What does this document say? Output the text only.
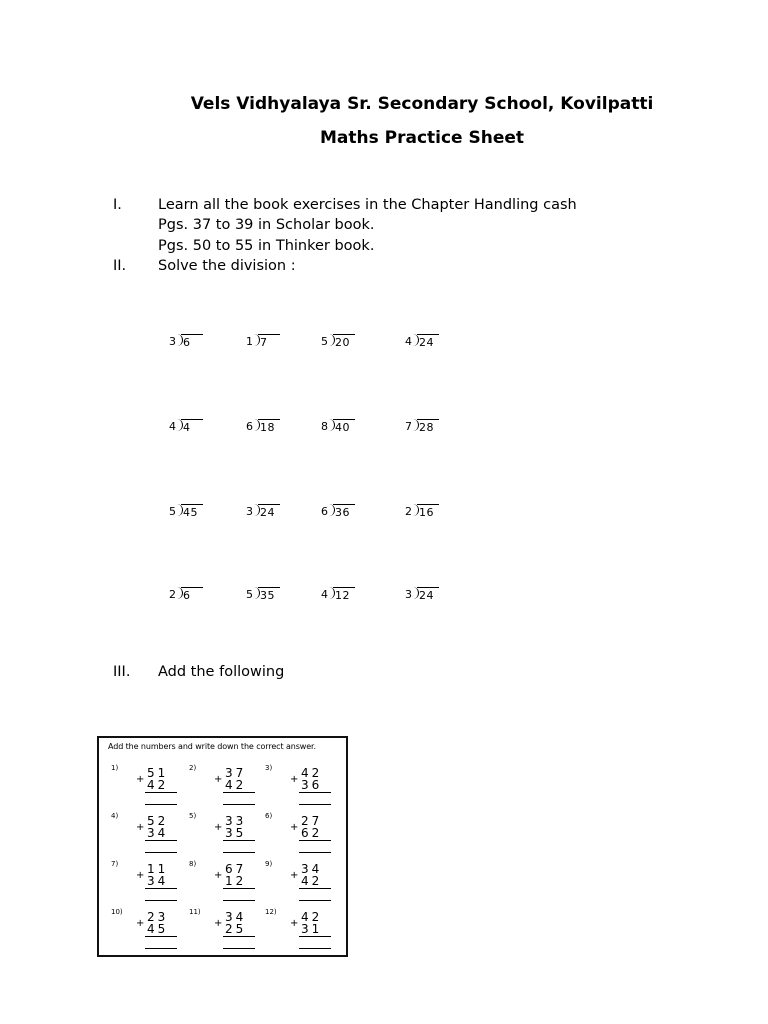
Vels Vidhyalaya Sr. Secondary School, Kovilpatti
Maths Practice Sheet
I. Learn all the book exercises in the Chapter Handling cash
Pgs. 37 to 39 in Scholar book.
Pgs. 50 to 55 in Thinker book.
II. Solve the division :
3 6	1 7	5 20	4 24
4 4	6 18	8 40	7 28
5 45	3 24	6 36	2 16
2 6	5 35	4 12	3 24
III. Add the following
Add the numbers and write down the correct answer.
1)
+ 51
42
2)
+ 37
42
3)
+ 42
36
4)
+ 52
34
5)
+ 33
35
6)
+ 27
62
7)
+ 11
34
8)
+ 67
12
9)
+ 34
42
10)
+ 23
45
11)
+ 34
25
12)
+ 42
31
